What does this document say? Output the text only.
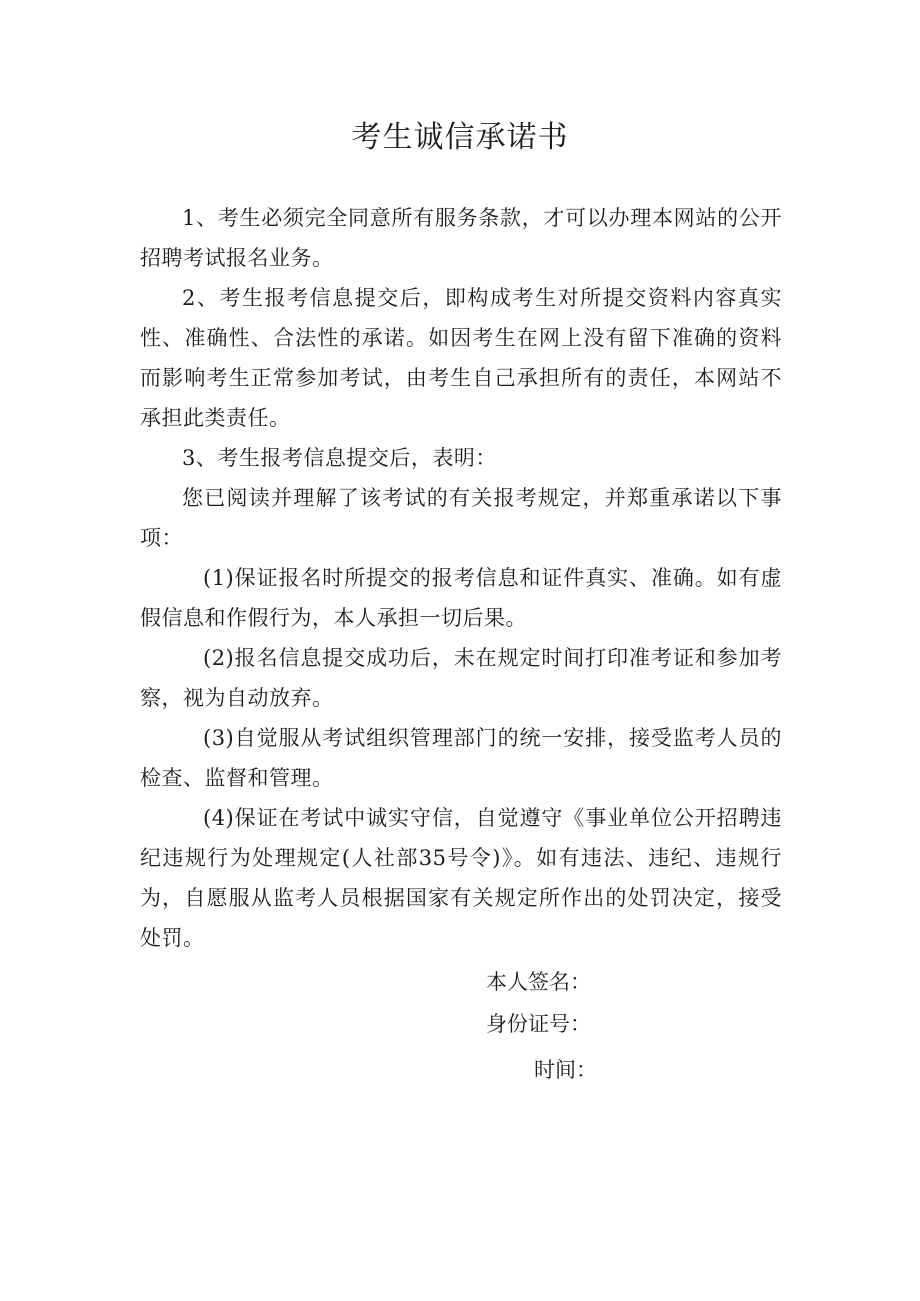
考生诚信承诺书

1、考生必须完全同意所有服务条款，才可以办理本网站的公开招聘考试报名业务。

2、考生报考信息提交后，即构成考生对所提交资料内容真实性、准确性、合法性的承诺。如因考生在网上没有留下准确的资料而影响考生正常参加考试，由考生自己承担所有的责任，本网站不承担此类责任。

3、考生报考信息提交后，表明：

您已阅读并理解了该考试的有关报考规定，并郑重承诺以下事项：

(1)保证报名时所提交的报考信息和证件真实、准确。如有虚假信息和作假行为，本人承担一切后果。

(2)报名信息提交成功后，未在规定时间打印准考证和参加考察，视为自动放弃。

(3)自觉服从考试组织管理部门的统一安排，接受监考人员的检查、监督和管理。

(4)保证在考试中诚实守信，自觉遵守《事业单位公开招聘违纪违规行为处理规定(人社部35号令)》。如有违法、违纪、违规行为，自愿服从监考人员根据国家有关规定所作出的处罚决定，接受处罚。

本人签名：
身份证号：
时间：
